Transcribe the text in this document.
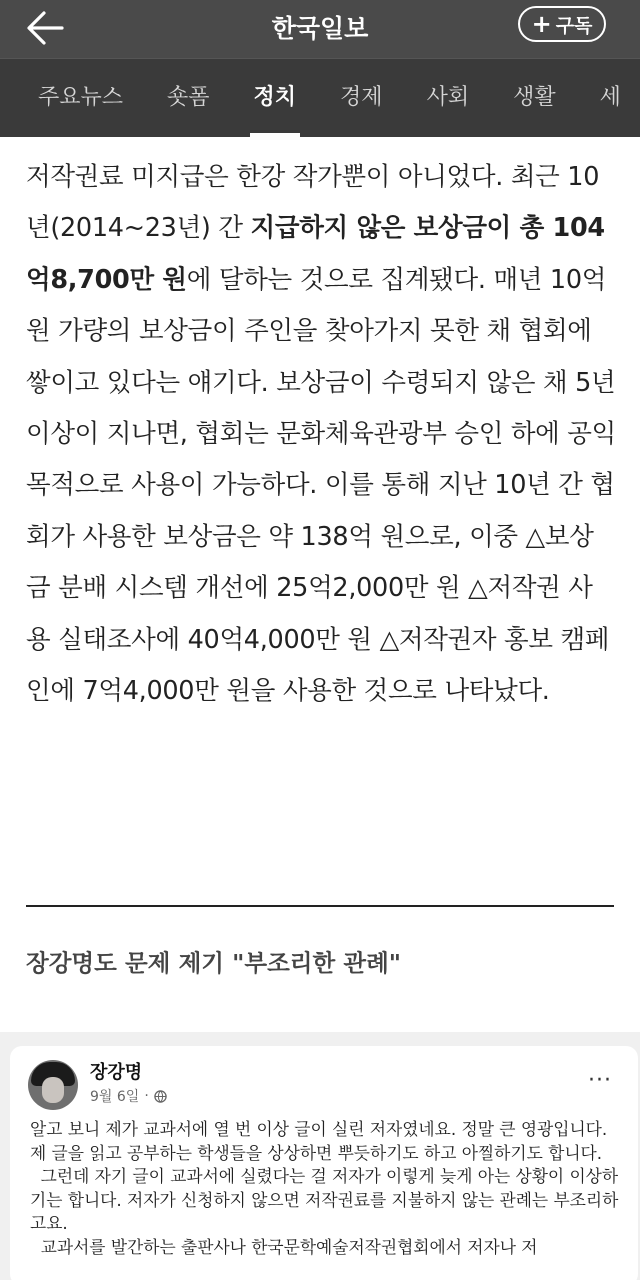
한국일보	+ 구독
주요뉴스	숏폼	정치	경제	사회	생활	세

저작권료 미지급은 한강 작가뿐이 아니었다. 최근 10년(2014~23년) 간 지급하지 않은 보상금이 총 104억8,700만 원에 달하는 것으로 집계됐다. 매년 10억 원 가량의 보상금이 주인을 찾아가지 못한 채 협회에 쌓이고 있다는 얘기다. 보상금이 수령되지 않은 채 5년 이상이 지나면, 협회는 문화체육관광부 승인 하에 공익 목적으로 사용이 가능하다. 이를 통해 지난 10년 간 협회가 사용한 보상금은 약 138억 원으로, 이중 △보상금 분배 시스템 개선에 25억2,000만 원 △저작권 사용 실태조사에 40억4,000만 원 △저작권자 홍보 캠페인에 7억4,000만 원을 사용한 것으로 나타났다.

장강명도 문제 제기 "부조리한 관례"
장강명
9월 6일 ·
···

알고 보니 제가 교과서에 열 번 이상 글이 실린 저자였네요. 정말 큰 영광입니다. 제 글을 읽고 공부하는 학생들을 상상하면 뿌듯하기도 하고 아찔하기도 합니다.

그런데 자기 글이 교과서에 실렸다는 걸 저자가 이렇게 늦게 아는 상황이 이상하기는 합니다. 저자가 신청하지 않으면 저작권료를 지불하지 않는 관례는 부조리하고요.

교과서를 발간하는 출판사나 한국문학예술저작권협회에서 저자나 저
